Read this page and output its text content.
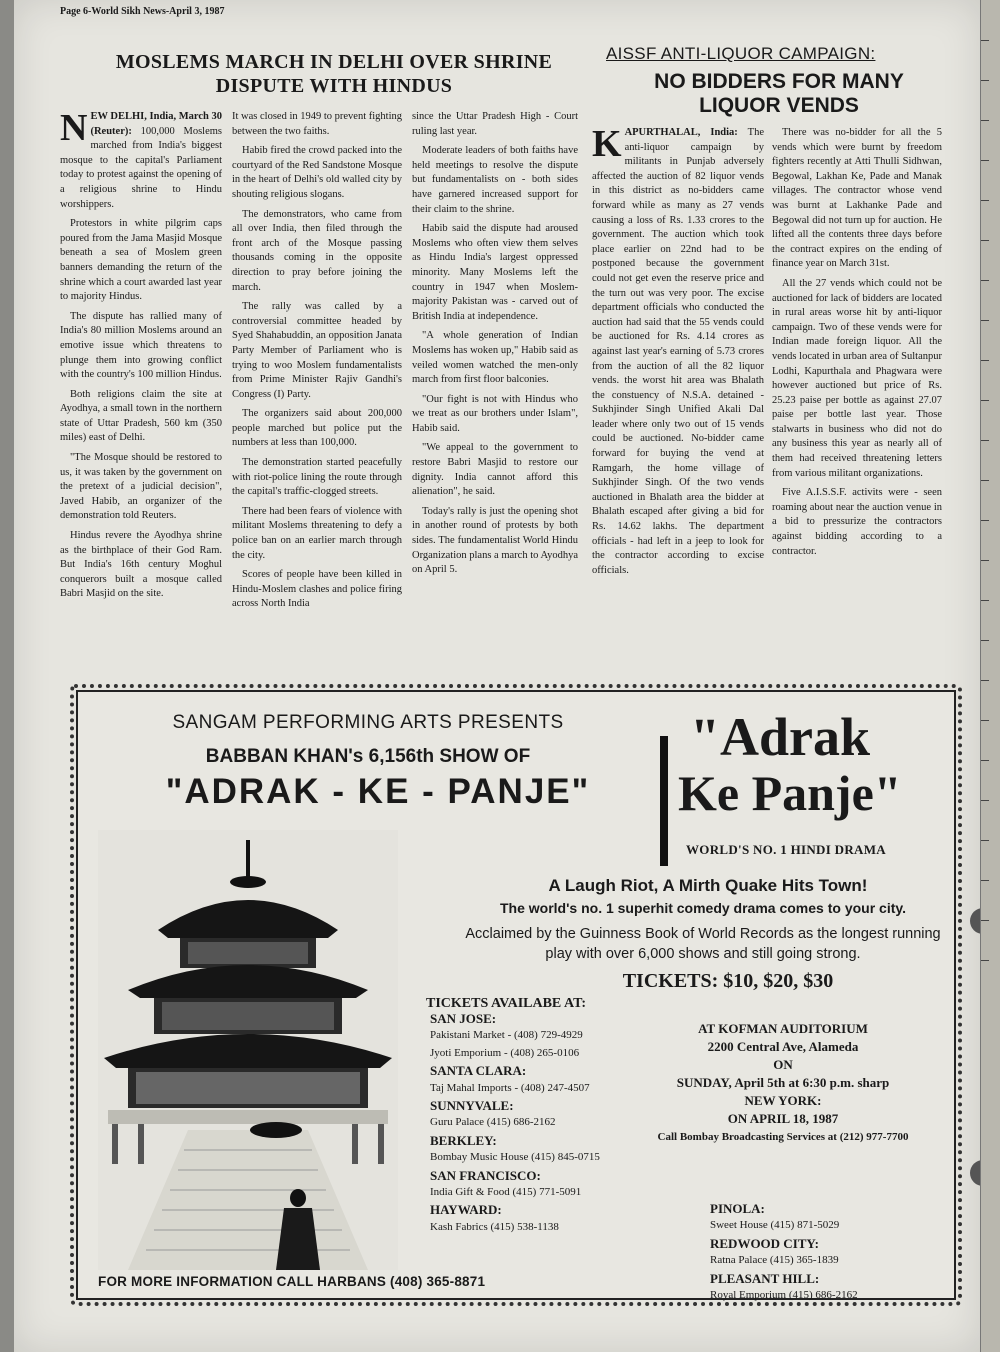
Page 6-World Sikh News-April 3, 1987
MOSLEMS MARCH IN DELHI OVER SHRINE DISPUTE WITH HINDUS
N EW DELHI, India, March 30 (Reuter): 100,000 Moslems marched from India's biggest mosque to the capital's Parliament today to protest against the opening of a religious shrine to Hindu worshippers.

Protestors in white pilgrim caps poured from the Jama Masjid Mosque beneath a sea of Moslem green banners demanding the return of the shrine which a court awarded last year to majority Hindus.

The dispute has rallied many of India's 80 million Moslems around an emotive issue which threatens to plunge them into growing conflict with the country's 100 million Hindus.

Both religions claim the site at Ayodhya, a small town in the northern state of Uttar Pradesh, 560 km (350 miles) east of Delhi.

"The Mosque should be restored to us, it was taken by the government on the pretext of a judicial decision", Javed Habib, an organizer of the demonstration told Reuters.

Hindus revere the Ayodhya shrine as the birthplace of their God Ram. But India's 16th century Moghul conquerors built a mosque called Babri Masjid on the site.

It was closed in 1949 to prevent fighting between the two faiths.

Habib fired the crowd packed into the courtyard of the Red Sandstone Mosque in the heart of Delhi's old walled city by shouting religious slogans.

The demonstrators, who came from all over India, then filed through the front arch of the Mosque passing thousands coming in the opposite direction to pray before joining the march.

The rally was called by a controversial committee headed by Syed Shahabuddin, an opposition Janata Party Member of Parliament who is trying to woo Moslem fundamentalists from Prime Minister Rajiv Gandhi's Congress (I) Party.

The organizers said about 200,000 people marched but police put the numbers at less than 100,000.

The demonstration started peacefully with riot-police lining the route through the capital's traffic-clogged streets.

There had been fears of violence with militant Moslems threatening to defy a police ban on an earlier march through the city.

Scores of people have been killed in Hindu-Moslem clashes and police firing across North India

since the Uttar Pradesh High - Court ruling last year.

Moderate leaders of both faiths have held meetings to resolve the dispute but fundamentalists on - both sides have garnered increased support for their claim to the shrine.

Habib said the dispute had aroused Moslems who often view them selves as Hindu India's largest oppressed minority. Many Moslems left the country in 1947 when Moslem-majority Pakistan was - carved out of British India at independence.

"A whole generation of Indian Moslems has woken up," Habib said as veiled women watched the men-only march from first floor balconies.

"Our fight is not with Hindus who we treat as our brothers under Islam", Habib said.

"We appeal to the government to restore Babri Masjid to restore our dignity. India cannot afford this alienation", he said.

Today's rally is just the opening shot in another round of protests by both sides. The fundamentalist World Hindu Organization plans a march to Ayodhya on April 5.

AISSF ANTI-LIQUOR CAMPAIGN:
NO BIDDERS FOR MANY LIQUOR VENDS
K APURTHALAL, India: The anti-liquor campaign by militants in Punjab adversely affected the auction of 82 liquor vends in this district as no-bidders came forward while as many as 27 vends causing a loss of Rs. 1.33 crores to the government. The auction which took place earlier on 22nd had to be postponed because the government could not get even the reserve price and the turn out was very poor. The excise department officials who conducted the auction had said that the 55 vends could be auctioned for Rs. 4.14 crores as against last year's earning of 5.73 crores from the auction of all the 82 liquor vends. the worst hit area was Bhalath the constuency of N.S.A. detained - Sukhjinder Singh Unified Akali Dal leader where only two out of 15 vends could be auctioned. No-bidder came forward for buying the vend at Ramgarh, the home village of Sukhjinder Singh. Of the two vends auctioned in Bhalath area the bidder at Bhalath escaped after giving a bid for Rs. 14.62 lakhs. The department officials - had left in a jeep to look for the contractor according to excise officials.

There was no-bidder for all the 5 vends which were burnt by freedom fighters recently at Atti Thulli Sidhwan, Begowal, Lakhan Ke, Pade and Manak villages. The contractor whose vend was burnt at Lakhanke Pade and Begowal did not turn up for auction. He lifted all the contents three days before the contract expires on the ending of finance year on March 31st.

All the 27 vends which could not be auctioned for lack of bidders are located in rural areas worse hit by anti-liquor campaign. Two of these vends were for Indian made foreign liquor. All the vends located in urban area of Sultanpur Lodhi, Kapurthala and Phagwara were however auctioned but price of Rs. 25.23 paise per bottle as against 27.07 paise per bottle last year. Those stalwarts in business who did not do any business this year as nearly all of them had received threatening letters from various militant organizations.

Five A.I.S.S.F. activits were - seen roaming about near the auction venue in a bid to pressurize the contractors against bidding according to a contractor.

SANGAM PERFORMING ARTS PRESENTS
BABBAN KHAN's 6,156th SHOW OF
"ADRAK - KE - PANJE"
"Adrak
Ke Panje"
WORLD'S NO. 1 HINDI DRAMA
A Laugh Riot, A Mirth Quake Hits Town!
The world's no. 1 superhit comedy drama comes to your city.
Acclaimed by the Guinness Book of World Records as the longest running play with over 6,000 shows and still going strong.
TICKETS: $10, $20, $30
TICKETS AVAILABE AT:
SAN JOSE:
Pakistani Market - (408) 729-4929
Jyoti Emporium - (408) 265-0106
SANTA CLARA:
Taj Mahal Imports - (408) 247-4507
SUNNYVALE:
Guru Palace (415) 686-2162
BERKLEY:
Bombay Music House (415) 845-0715
SAN FRANCISCO:
India Gift & Food (415) 771-5091
HAYWARD:
Kash Fabrics (415) 538-1138
AT KOFMAN AUDITORIUM
2200 Central Ave, Alameda
ON
SUNDAY, April 5th at 6:30 p.m. sharp
NEW YORK:
ON APRIL 18, 1987
Call Bombay Broadcasting Services at (212) 977-7700
PINOLA:
Sweet House (415) 871-5029
REDWOOD CITY:
Ratna Palace (415) 365-1839
PLEASANT HILL:
Royal Emporium (415) 686-2162
FOR MORE INFORMATION CALL HARBANS (408) 365-8871
